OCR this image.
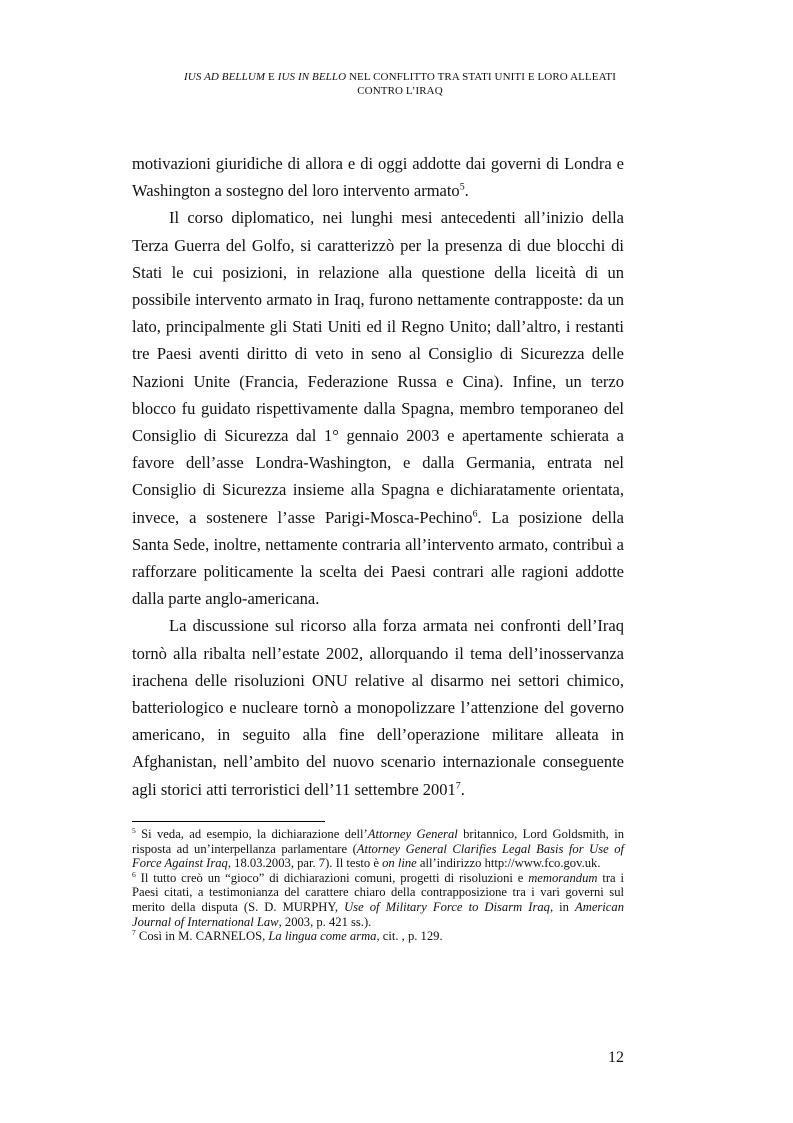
IUS AD BELLUM E IUS IN BELLO NEL CONFLITTO TRA STATI UNITI E LORO ALLEATI
CONTRO L’IRAQ

motivazioni giuridiche di allora e di oggi addotte dai governi di Londra e Washington a sostegno del loro intervento armato$^5$.

Il corso diplomatico, nei lunghi mesi antecedenti all’inizio della Terza Guerra del Golfo, si caratterizzò per la presenza di due blocchi di Stati le cui posizioni, in relazione alla questione della liceità di un possibile intervento armato in Iraq, furono nettamente contrapposte: da un lato, principalmente gli Stati Uniti ed il Regno Unito; dall’altro, i restanti tre Paesi aventi diritto di veto in seno al Consiglio di Sicurezza delle Nazioni Unite (Francia, Federazione Russa e Cina). Infine, un terzo blocco fu guidato rispettivamente dalla Spagna, membro temporaneo del Consiglio di Sicurezza dal 1° gennaio 2003 e apertamente schierata a favore dell’asse Londra-Washington, e dalla Germania, entrata nel Consiglio di Sicurezza insieme alla Spagna e dichiaratamente orientata, invece, a sostenere l’asse Parigi-Mosca-Pechino$^6$. La posizione della Santa Sede, inoltre, nettamente contraria all’intervento armato, contribuì a rafforzare politicamente la scelta dei Paesi contrari alle ragioni addotte dalla parte anglo-americana.

La discussione sul ricorso alla forza armata nei confronti dell’Iraq tornò alla ribalta nell’estate 2002, allorquando il tema dell’inosservanza irachena delle risoluzioni ONU relative al disarmo nei settori chimico, batteriologico e nucleare tornò a monopolizzare l’attenzione del governo americano, in seguito alla fine dell’operazione militare alleata in Afghanistan, nell’ambito del nuovo scenario internazionale conseguente agli storici atti terroristici dell’11 settembre 2001$^7$.

$^5$ Si veda, ad esempio, la dichiarazione dell’Attorney General britannico, Lord Goldsmith, in risposta ad un’interpellanza parlamentare (Attorney General Clarifies Legal Basis for Use of Force Against Iraq, 18.03.2003, par. 7). Il testo è on line all’indirizzo http://www.fco.gov.uk.

$^6$ Il tutto creò un “gioco” di dichiarazioni comuni, progetti di risoluzioni e memorandum tra i Paesi citati, a testimonianza del carattere chiaro della contrapposizione tra i vari governi sul merito della disputa (S. D. MURPHY, Use of Military Force to Disarm Iraq, in American Journal of International Law, 2003, p. 421 ss.).

$^7$ Così in M. CARNELOS, La lingua come arma, cit. , p. 129.

12
